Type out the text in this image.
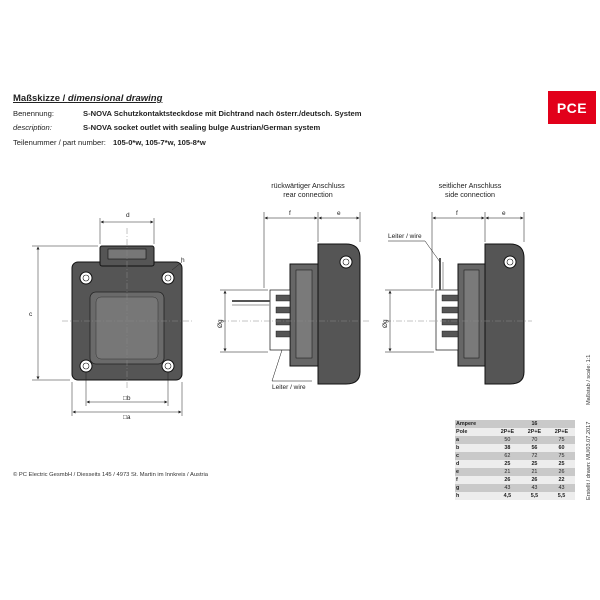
Maßskizze / dimensional drawing
Benennung:	S-NOVA Schutzkontaktsteckdose mit Dichtrand nach österr./deutsch. System
description:	S-NOVA socket outlet with sealing bulge Austrian/German system
Teilenummer / part number: 105-0*w, 105-7*w, 105-8*w
PCE
rückwärtiger Anschluss
rear connection
seitlicher Anschluss
side connection
d
c
h
□b
□a
f	e
Øg
Leiter / wire
f	e
Øg
Leiter / wire
Ampere	16		
Pole	2P+E	2P+E	2P+E
a	50	70	75
b	38	56	60
c	62	72	75
d	25	25	25
e	21	21	26
f	26	26	22
g	43	43	43
h	4,5	5,5	5,5
Maßstab / scale: 1:1
Erstellt / drawn: MU/03.07.2017
© PC Electric GesmbH / Diesseits 145 / 4973 St. Martin im Innkreis / Austria
